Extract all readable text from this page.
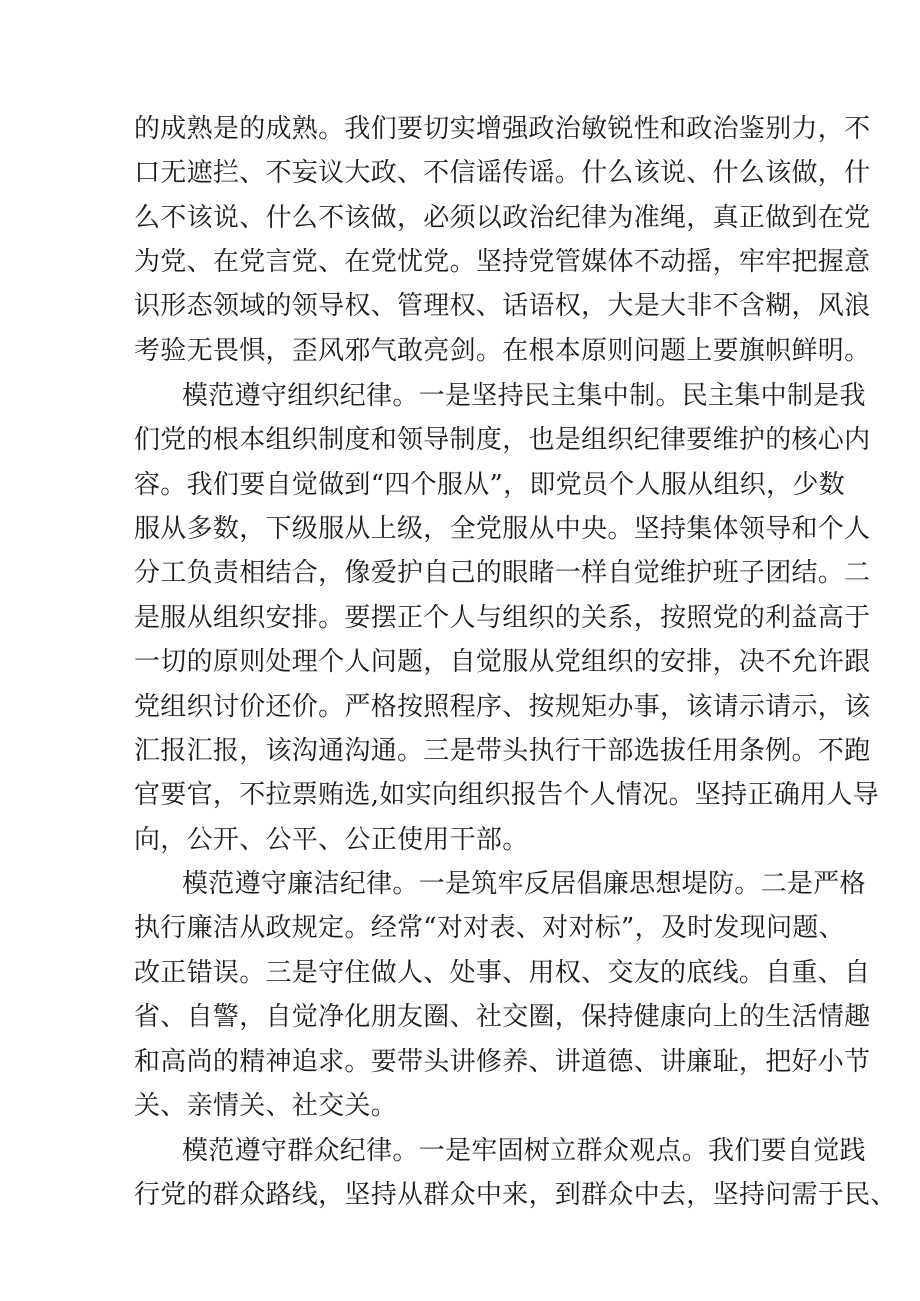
的成熟是的成熟。我们要切实增强政治敏锐性和政治鉴别力，不
口无遮拦、不妄议大政、不信谣传谣。什么该说、什么该做，什
么不该说、什么不该做，必须以政治纪律为准绳，真正做到在党
为党、在党言党、在党忧党。坚持党管媒体不动摇，牢牢把握意
识形态领域的领导权、管理权、话语权，大是大非不含糊，风浪
考验无畏惧，歪风邪气敢亮剑。在根本原则问题上要旗帜鲜明。
模范遵守组织纪律。一是坚持民主集中制。民主集中制是我
们党的根本组织制度和领导制度，也是组织纪律要维护的核心内
容。我们要自觉做到“四个服从”，即党员个人服从组织，少数
服从多数，下级服从上级，全党服从中央。坚持集体领导和个人
分工负责相结合，像爱护自己的眼睹一样自觉维护班子团结。二
是服从组织安排。要摆正个人与组织的关系，按照党的利益高于
一切的原则处理个人问题，自觉服从党组织的安排，决不允许跟
党组织讨价还价。严格按照程序、按规矩办事，该请示请示，该
汇报汇报，该沟通沟通。三是带头执行干部选拔任用条例。不跑
官要官，不拉票贿选,如实向组织报告个人情况。坚持正确用人导
向，公开、公平、公正使用干部。
模范遵守廉洁纪律。一是筑牢反居倡廉思想堤防。二是严格
执行廉洁从政规定。经常“对对表、对对标”，及时发现问题、
改正错误。三是守住做人、处事、用权、交友的底线。自重、自
省、自警，自觉净化朋友圈、社交圈，保持健康向上的生活情趣
和高尚的精神追求。要带头讲修养、讲道德、讲廉耻，把好小节
关、亲情关、社交关。
模范遵守群众纪律。一是牢固树立群众观点。我们要自觉践
行党的群众路线，坚持从群众中来，到群众中去，坚持问需于民、
